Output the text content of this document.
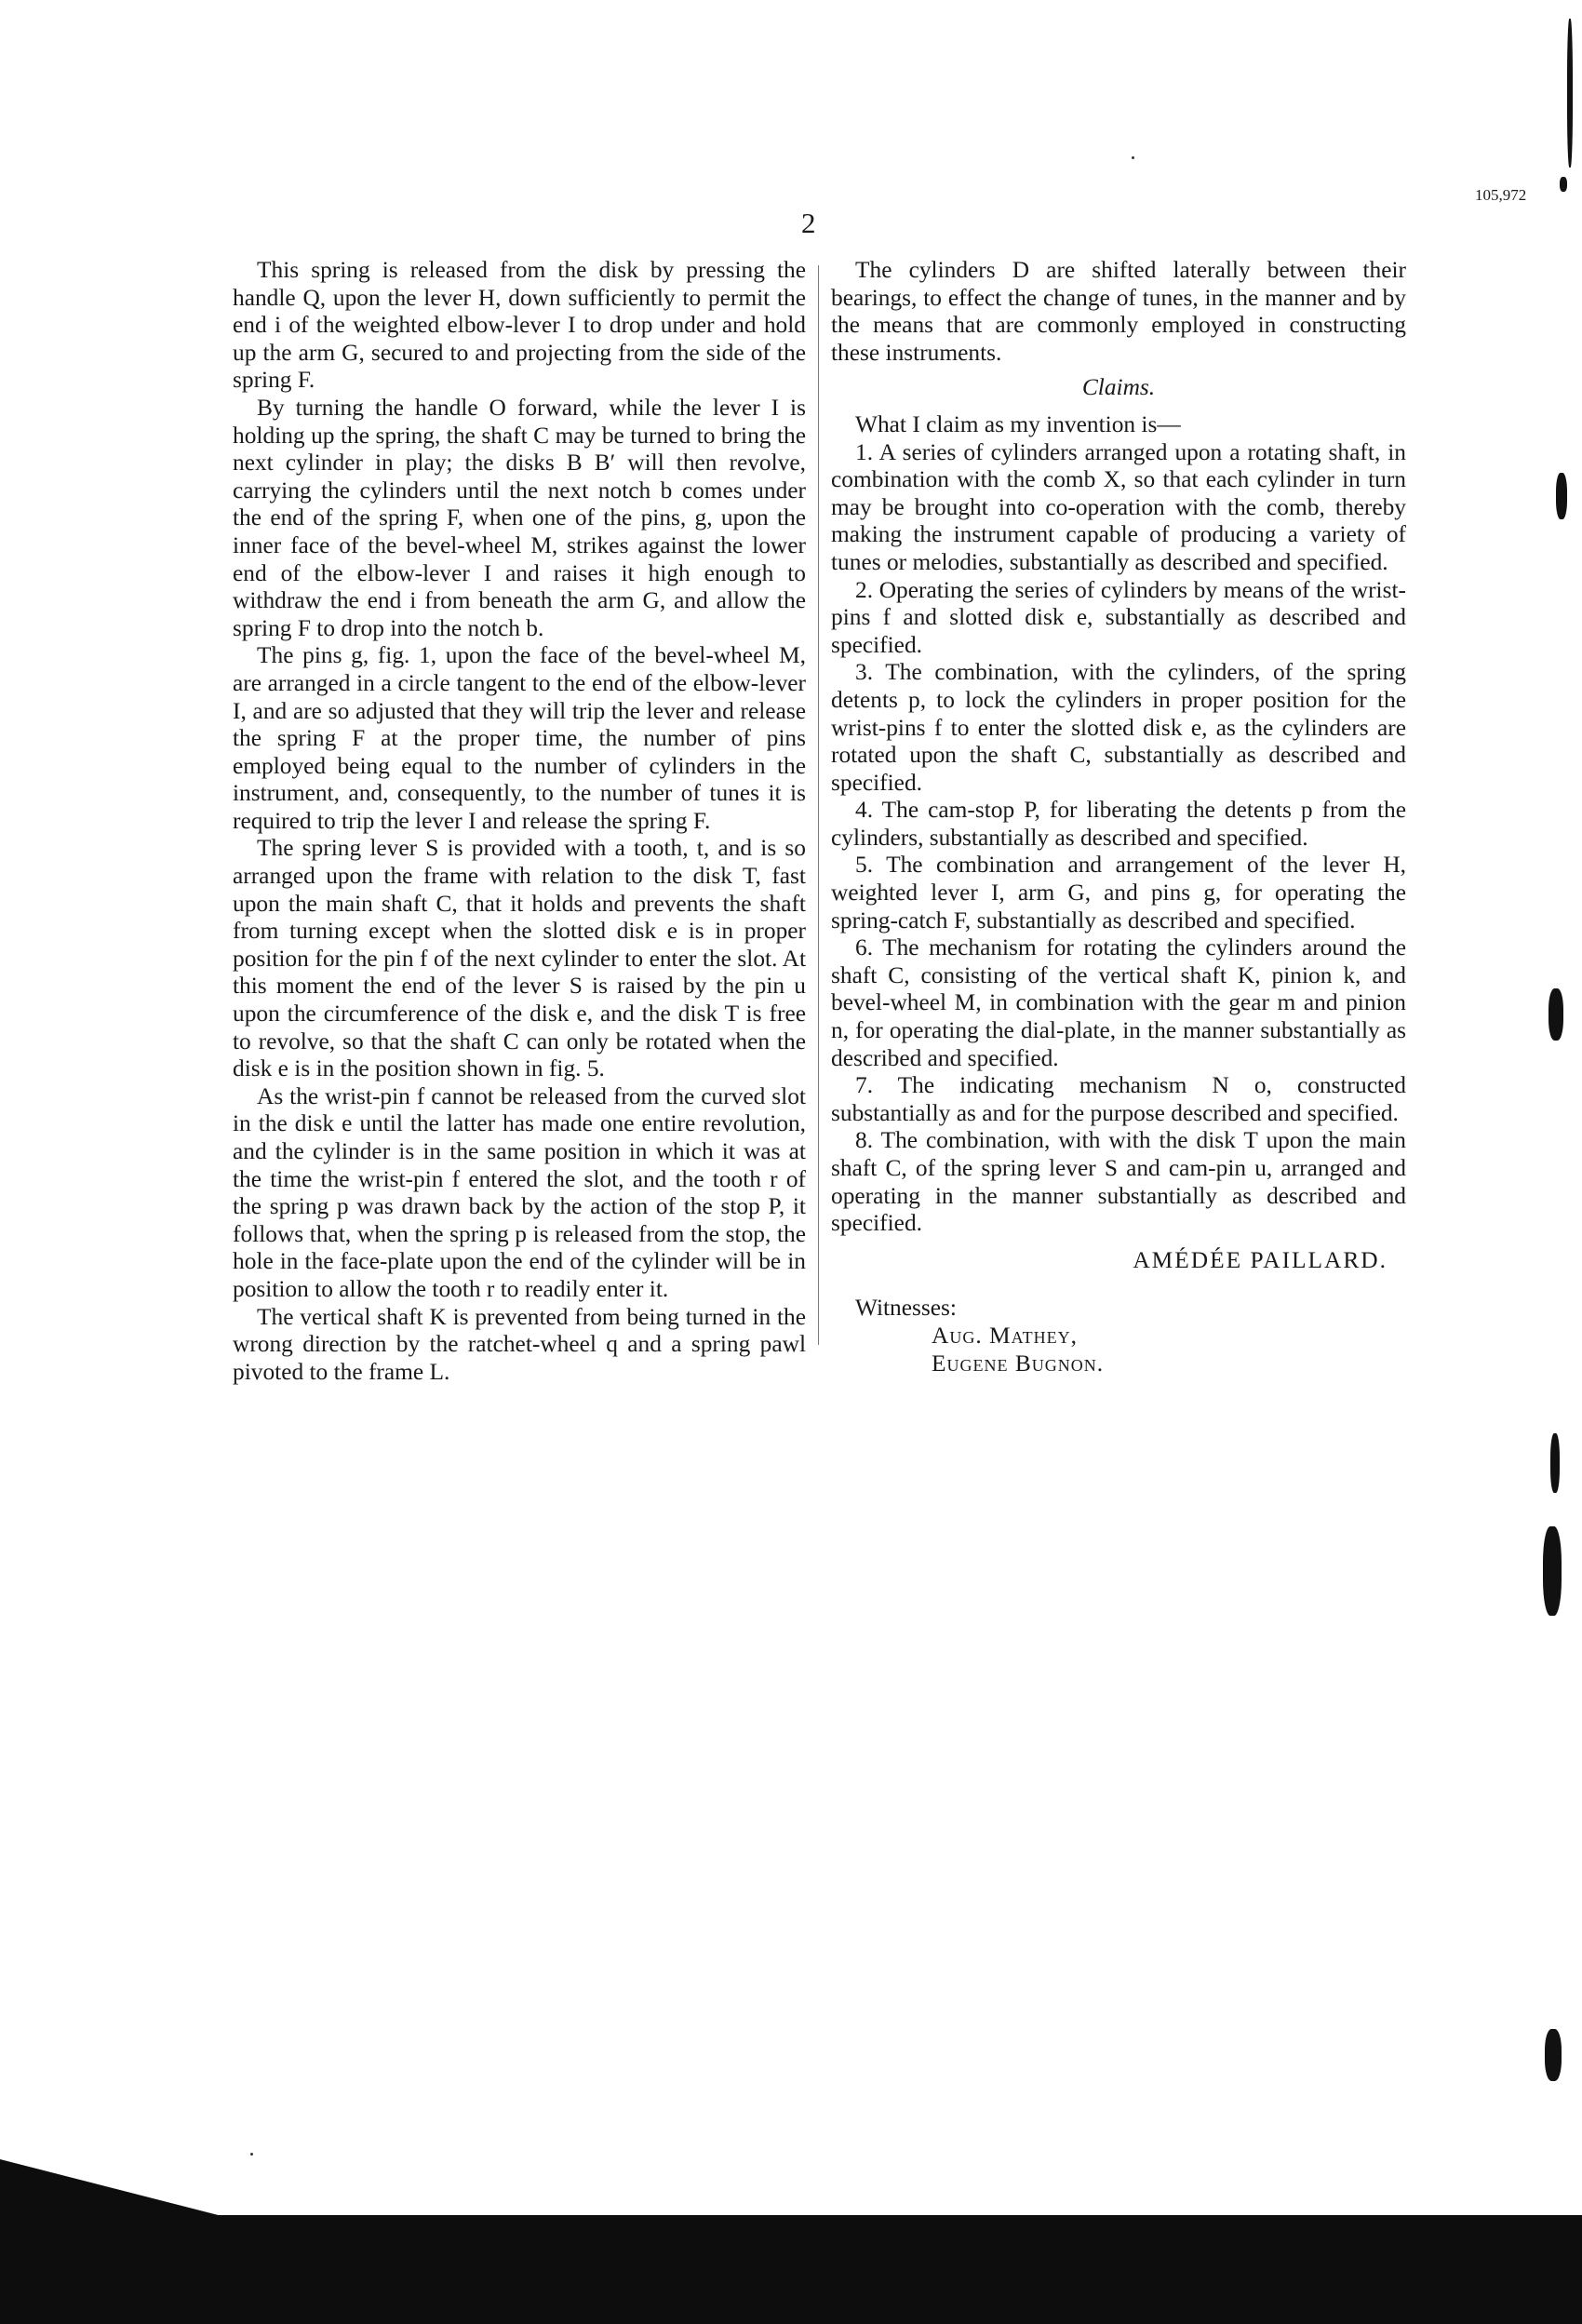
2
105,972

This spring is released from the disk by pressing the handle Q, upon the lever H, down sufficiently to permit the end i of the weighted elbow-lever I to drop under and hold up the arm G, secured to and projecting from the side of the spring F.

By turning the handle O forward, while the lever I is holding up the spring, the shaft C may be turned to bring the next cylinder in play; the disks B B′ will then revolve, carrying the cylinders until the next notch b comes under the end of the spring F, when one of the pins, g, upon the inner face of the bevel-wheel M, strikes against the lower end of the elbow-lever I and raises it high enough to withdraw the end i from beneath the arm G, and allow the spring F to drop into the notch b.

The pins g, fig. 1, upon the face of the bevel-wheel M, are arranged in a circle tangent to the end of the elbow-lever I, and are so adjusted that they will trip the lever and release the spring F at the proper time, the number of pins employed being equal to the number of cylinders in the instrument, and, consequently, to the number of tunes it is required to trip the lever I and release the spring F.

The spring lever S is provided with a tooth, t, and is so arranged upon the frame with relation to the disk T, fast upon the main shaft C, that it holds and prevents the shaft from turning except when the slotted disk e is in proper position for the pin f of the next cylinder to enter the slot. At this moment the end of the lever S is raised by the pin u upon the circumference of the disk e, and the disk T is free to revolve, so that the shaft C can only be rotated when the disk e is in the position shown in fig. 5.

As the wrist-pin f cannot be released from the curved slot in the disk e until the latter has made one entire revolution, and the cylinder is in the same position in which it was at the time the wrist-pin f entered the slot, and the tooth r of the spring p was drawn back by the action of the stop P, it follows that, when the spring p is released from the stop, the hole in the face-plate upon the end of the cylinder will be in position to allow the tooth r to readily enter it.

The vertical shaft K is prevented from being turned in the wrong direction by the ratchet-wheel q and a spring pawl pivoted to the frame L.

The cylinders D are shifted laterally between their bearings, to effect the change of tunes, in the manner and by the means that are commonly employed in constructing these instruments.

Claims.

What I claim as my invention is—

1. A series of cylinders arranged upon a rotating shaft, in combination with the comb X, so that each cylinder in turn may be brought into co-operation with the comb, thereby making the instrument capable of producing a variety of tunes or melodies, substantially as described and specified.

2. Operating the series of cylinders by means of the wrist-pins f and slotted disk e, substantially as described and specified.

3. The combination, with the cylinders, of the spring detents p, to lock the cylinders in proper position for the wrist-pins f to enter the slotted disk e, as the cylinders are rotated upon the shaft C, substantially as described and specified.

4. The cam-stop P, for liberating the detents p from the cylinders, substantially as described and specified.

5. The combination and arrangement of the lever H, weighted lever I, arm G, and pins g, for operating the spring-catch F, substantially as described and specified.

6. The mechanism for rotating the cylinders around the shaft C, consisting of the vertical shaft K, pinion k, and bevel-wheel M, in combination with the gear m and pinion n, for operating the dial-plate, in the manner substantially as described and specified.

7. The indicating mechanism N o, constructed substantially as and for the purpose described and specified.

8. The combination, with with the disk T upon the main shaft C, of the spring lever S and cam-pin u, arranged and operating in the manner substantially as described and specified.

AMÉDÉE PAILLARD.

Witnesses:
Aug. Mathey,
Eugene Bugnon.
